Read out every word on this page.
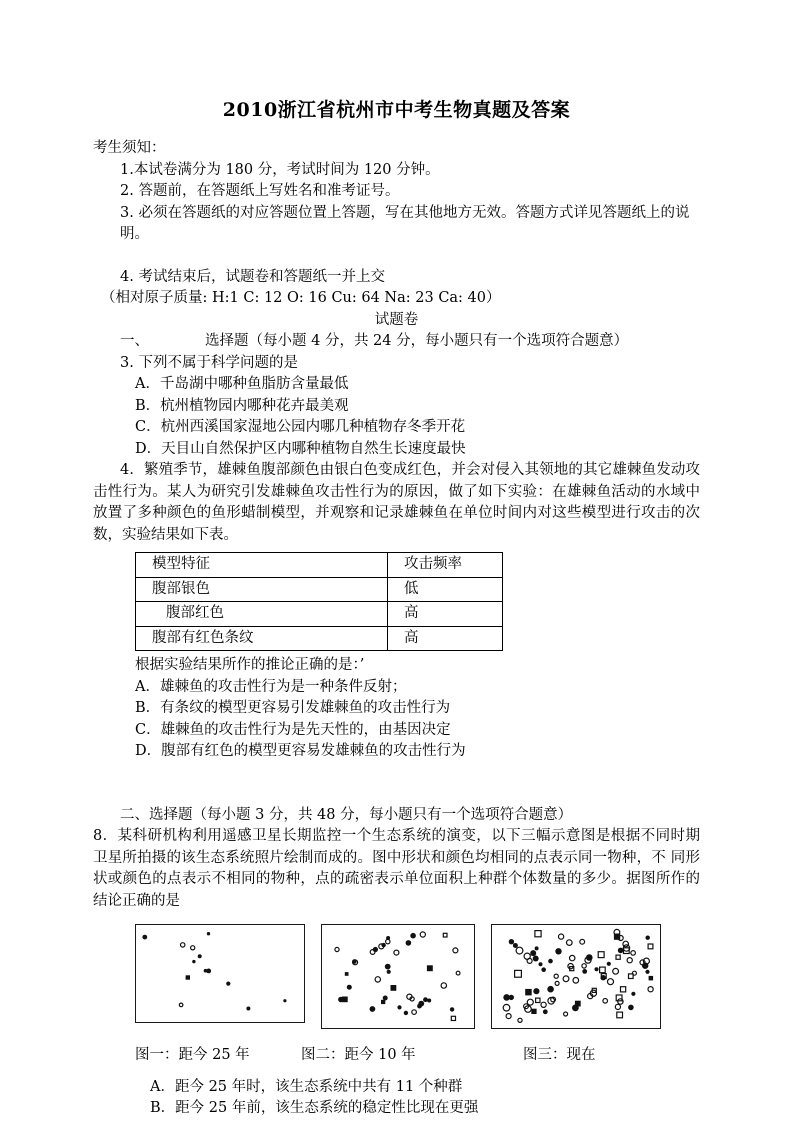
2010浙江省杭州市中考生物真题及答案

考生须知：

1.本试卷满分为 180 分，考试时间为 120 分钟。

2. 答题前，在答题纸上写姓名和准考证号。

3. 必须在答题纸的对应答题位置上答题，写在其他地方无效。答题方式详见答题纸上的说明。

4. 考试结束后，试题卷和答题纸一并上交

（相对原子质量: H:1 C: 12 O: 16 Cu: 64 Na: 23 Ca: 40）

试题卷

一、	选择题（每小题 4 分，共 24 分，每小题只有一个选项符合题意）

3. 下列不属于科学问题的是

A．千岛湖中哪种鱼脂肪含量最低

B．杭州植物园内哪种花卉最美观

C．杭州西溪国家湿地公园内哪几种植物存冬季开花

D．天目山自然保护区内哪种植物自然生长速度最快

4．繁殖季节，雄棘鱼腹部颜色由银白色变成红色，并会对侵入其领地的其它雄棘鱼发动攻击性行为。某人为研究引发雄棘鱼攻击性行为的原因，做了如下实验：在雄棘鱼活动的水域中放置了多种颜色的鱼形蜡制模型，并观察和记录雄棘鱼在单位时间内对这些模型进行攻击的次数，实验结果如下表。

模型特征	攻击频率
腹部银色	低
腹部红色	高
腹部有红色条纹	高

根据实验结果所作的推论正确的是：’

A．雄棘鱼的攻击性行为是一种条件反射；

B．有条纹的模型更容易引发雄棘鱼的攻击性行为

C．雄棘鱼的攻击性行为是先天性的，由基因决定

D．腹部有红色的模型更容易发雄棘鱼的攻击性行为

二、选择题（每小题 3 分，共 48 分，每小题只有一个选项符合题意）

8．某科研机构利用遥感卫星长期监控一个生态系统的演变，以下三幅示意图是根据不同时期 卫星所拍摄的该生态系统照片绘制而成的。图中形状和颜色均相同的点表示同一物种，不 同形状或颜色的点表示不相同的物种，点的疏密表示单位面积上种群个体数量的多少。据图所作的结论正确的是

图一：距今 25 年	图二：距今 10 年	图三：现在

A．距今 25 年时，该生态系统中共有 11 个种群

B．距今 25 年前，该生态系统的稳定性比现在更强
